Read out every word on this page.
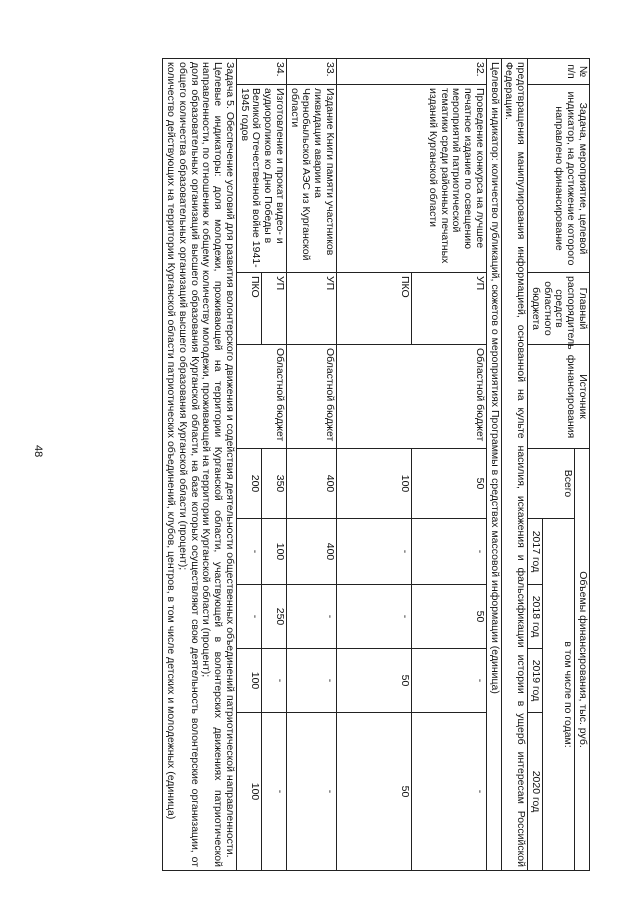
48
№ п/п	Задача, мероприятие, целевой индикатор, на достижение которого направлено финансирование	Главный распорядитель средств областного бюджета	Источник финансирования	Объемы финансирования, тыс. руб.				
				Всего	в том числе по годам:			
					2017 год	2018 год	2019 год	2020 год
предотвращения манипулирования информацией, основанной на культе насилия, искажения и фальсификации истории в ущерб интересам Российской Федерации.								
Целевой индикатор: количество публикаций, сюжетов о мероприятиях Программы в средствах массовой информации (единица)								
32.	Проведение конкурса на лучшее печатное издание по освещению мероприятий патриотической тематики среди районных печатных изданий Курганской области	УП	Областной бюджет	50	-	50	-	-
		ПКО		100	-	-	50	50
33.	Издание Книги памяти участников ликвидации аварии на Чернобыльской АЭС из Курганской области	УП	Областной бюджет	400	400	-	-	-
34.	Изготовление и прокат видео- и аудиороликов ко Дню Победы в Великой Отечественной войне 1941-1945 годов	УП	Областной бюджет	350	100	250	-	-
		ПКО		200	-	-	100	100

Задача 5. Обеспечение условий для развития волонтерского движения и содействия деятельности общественных объединений патриотической направленности.
Целевые индикаторы: доля молодежи, проживающей на территории Курганской области, участвующей в волонтерских движениях патриотической направленности, по отношению к общему количеству молодежи, проживающей на территории Курганской области (процент);
доля образовательных организаций высшего образования Курганской области, на базе которых осуществляют свою деятельность волонтерские организации, от общего количества образовательных организаций высшего образования Курганской области (процент);
количество действующих на территории Курганской области патриотических объединений, клубов, центров, в том числе детских и молодежных (единица)								
